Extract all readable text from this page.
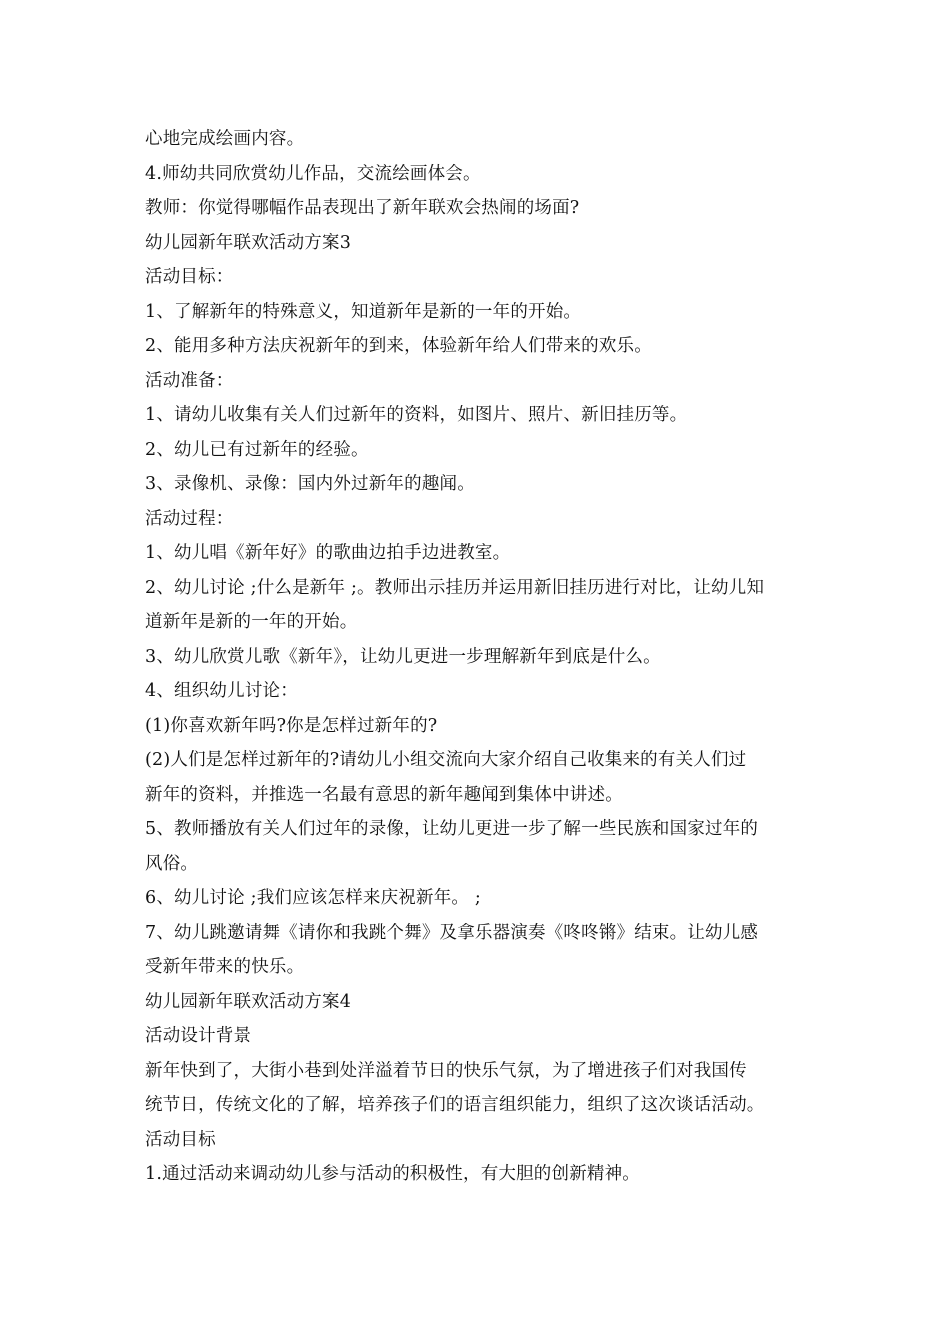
心地完成绘画内容。
4.师幼共同欣赏幼儿作品，交流绘画体会。
教师：你觉得哪幅作品表现出了新年联欢会热闹的场面?
幼儿园新年联欢活动方案3
活动目标：
1、了解新年的特殊意义，知道新年是新的一年的开始。
2、能用多种方法庆祝新年的到来，体验新年给人们带来的欢乐。
活动准备：
1、请幼儿收集有关人们过新年的资料，如图片、照片、新旧挂历等。
2、幼儿已有过新年的经验。
3、录像机、录像：国内外过新年的趣闻。
活动过程：
1、幼儿唱《新年好》的歌曲边拍手边进教室。
2、幼儿讨论 ;什么是新年 ;。教师出示挂历并运用新旧挂历进行对比，让幼儿知
道新年是新的一年的开始。
3、幼儿欣赏儿歌《新年》，让幼儿更进一步理解新年到底是什么。
4、组织幼儿讨论：
(1)你喜欢新年吗?你是怎样过新年的?
(2)人们是怎样过新年的?请幼儿小组交流向大家介绍自己收集来的有关人们过
新年的资料，并推选一名最有意思的新年趣闻到集体中讲述。
5、教师播放有关人们过年的录像，让幼儿更进一步了解一些民族和国家过年的
风俗。
6、幼儿讨论 ;我们应该怎样来庆祝新年。 ;
7、幼儿跳邀请舞《请你和我跳个舞》及拿乐器演奏《咚咚锵》结束。让幼儿感
受新年带来的快乐。
幼儿园新年联欢活动方案4
活动设计背景
新年快到了，大街小巷到处洋溢着节日的快乐气氛，为了增进孩子们对我国传
统节日，传统文化的了解，培养孩子们的语言组织能力，组织了这次谈话活动。
活动目标
1.通过活动来调动幼儿参与活动的积极性，有大胆的创新精神。
